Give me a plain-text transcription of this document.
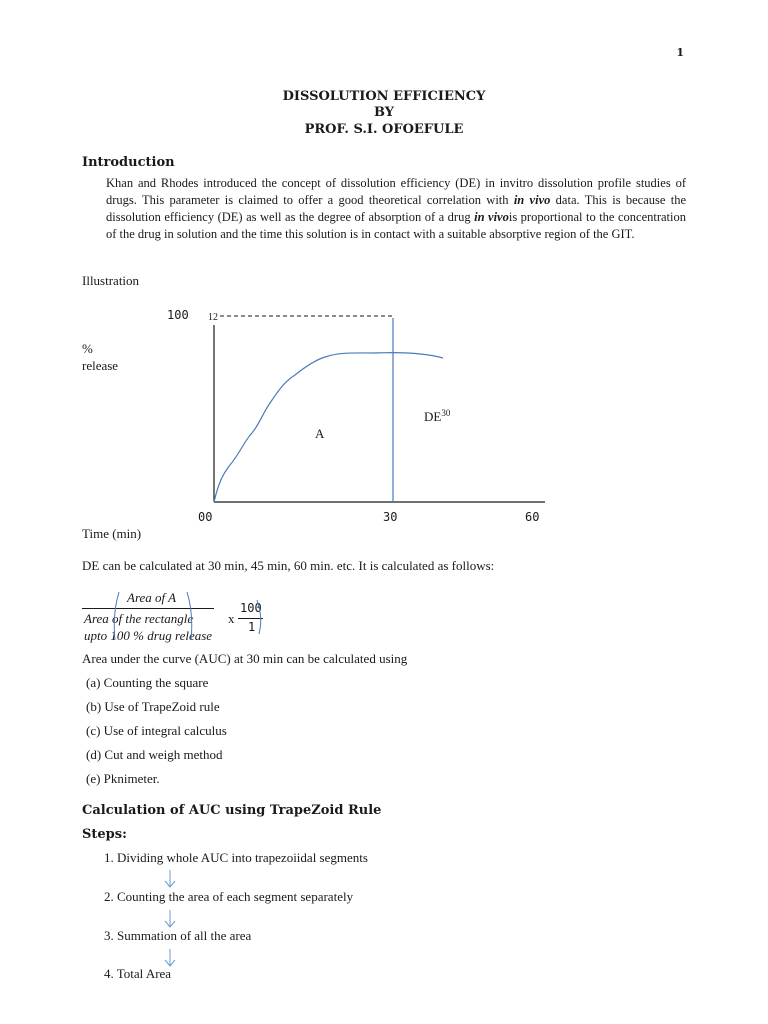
1
DISSOLUTION EFFICIENCY
BY
PROF. S.I. OFOEFULE
Introduction
Khan and Rhodes introduced the concept of dissolution efficiency (DE) in invitro dissolution profile studies of drugs. This parameter is claimed to offer a good theoretical correlation with in vivo data. This is because the dissolution efficiency (DE) as well as the degree of absorption of a drug in vivois proportional to the concentration of the drug in solution and the time this solution is in contact with a suitable absorptive region of the GIT.
Illustration
100
%
release
12
A
DE$^{30}$
00	30	60
Time (min)
DE can be calculated at 30 min, 45 min, 60 min. etc. It is calculated as follows:
Area of A
Area of the rectangle
upto 100 % drug release
x
100
1
Area under the curve (AUC) at 30 min can be calculated using
(a) Counting the square
(b) Use of TrapeZoid rule
(c) Use of integral calculus
(d) Cut and weigh method
(e) Pknimeter.
Calculation of AUC using TrapeZoid Rule
Steps:
1. Dividing whole AUC into trapezoiidal segments
2. Counting the area of each segment separately
3. Summation of all the area
4. Total Area
